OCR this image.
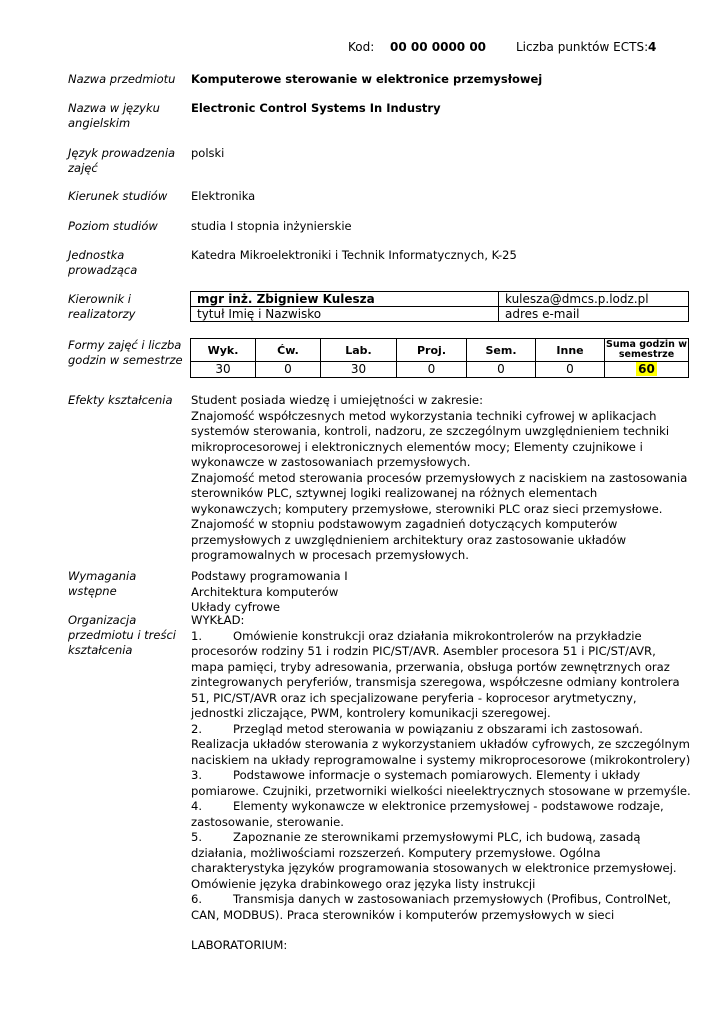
Kod: 00 00 0000 00 Liczba punktów ECTS: 4
Nazwa przedmiotu	Komputerowe sterowanie w elektronice przemysłowej
Nazwa w języku angielskim
Electronic Control Systems In Industry
Język prowadzenia zajęć
polski
Kierunek studiów	Elektronika
Poziom studiów	studia I stopnia inżynierskie
Jednostka prowadząca
Katedra Mikroelektroniki i Technik Informatycznych, K-25
Kierownik i realizatorzy
mgr inż. Zbigniew Kulesza	kulesza@dmcs.p.lodz.pl
tytuł Imię i Nazwisko	adres e-mail
Formy zajęć i liczba godzin w semestrze
Wyk.	Ćw.	Lab.	Proj.	Sem.	Inne	Suma godzin w semestrze
30	0	30	0	0	0	60
Efekty kształcenia	Student posiada wiedzę i umiejętności w zakresie:

Znajomość współczesnych metod wykorzystania techniki cyfrowej w aplikacjach systemów sterowania, kontroli, nadzoru, ze szczególnym uwzględnieniem techniki mikroprocesorowej i elektronicznych elementów mocy; Elementy czujnikowe i wykonawcze w zastosowaniach przemysłowych.

Znajomość metod sterowania procesów przemysłowych z naciskiem na zastosowania sterowników PLC, sztywnej logiki realizowanej na różnych elementach wykonawczych; komputery przemysłowe, sterowniki PLC oraz sieci przemysłowe.

Znajomość w stopniu podstawowym zagadnień dotyczących komputerów przemysłowych z uwzględnieniem architektury oraz zastosowanie układów programowalnych w procesach przemysłowych.

Wymagania wstępne

Podstawy programowania I

Architektura komputerów

Układy cyfrowe

Organizacja przedmiotu i treści kształcenia

WYKŁAD:

1.	Omówienie konstrukcji oraz działania mikrokontrolerów na przykładzie procesorów rodziny 51 i rodzin PIC/ST/AVR. Asembler procesora 51 i PIC/ST/AVR, mapa pamięci, tryby adresowania, przerwania, obsługa portów zewnętrznych oraz zintegrowanych peryferiów, transmisja szeregowa, współczesne odmiany kontrolera 51, PIC/ST/AVR oraz ich specjalizowane peryferia - koprocesor arytmetyczny, jednostki zliczające, PWM, kontrolery komunikacji szeregowej.

2.	Przegląd metod sterowania w powiązaniu z obszarami ich zastosowań. Realizacja układów sterowania z wykorzystaniem układów cyfrowych, ze szczególnym naciskiem na układy reprogramowalne i systemy mikroprocesorowe (mikrokontrolery)

3.	Podstawowe informacje o systemach pomiarowych. Elementy i układy pomiarowe. Czujniki, przetworniki wielkości nieelektrycznych stosowane w przemyśle.

4.	Elementy wykonawcze w elektronice przemysłowej - podstawowe rodzaje, zastosowanie, sterowanie.

5.	Zapoznanie ze sterownikami przemysłowymi PLC, ich budową, zasadą działania, możliwościami rozszerzeń. Komputery przemysłowe. Ogólna charakterystyka języków programowania stosowanych w elektronice przemysłowej. Omówienie języka drabinkowego oraz języka listy instrukcji

6.	Transmisja danych w zastosowaniach przemysłowych (Profibus, ControlNet, CAN, MODBUS). Praca sterowników i komputerów przemysłowych w sieci

LABORATORIUM:
